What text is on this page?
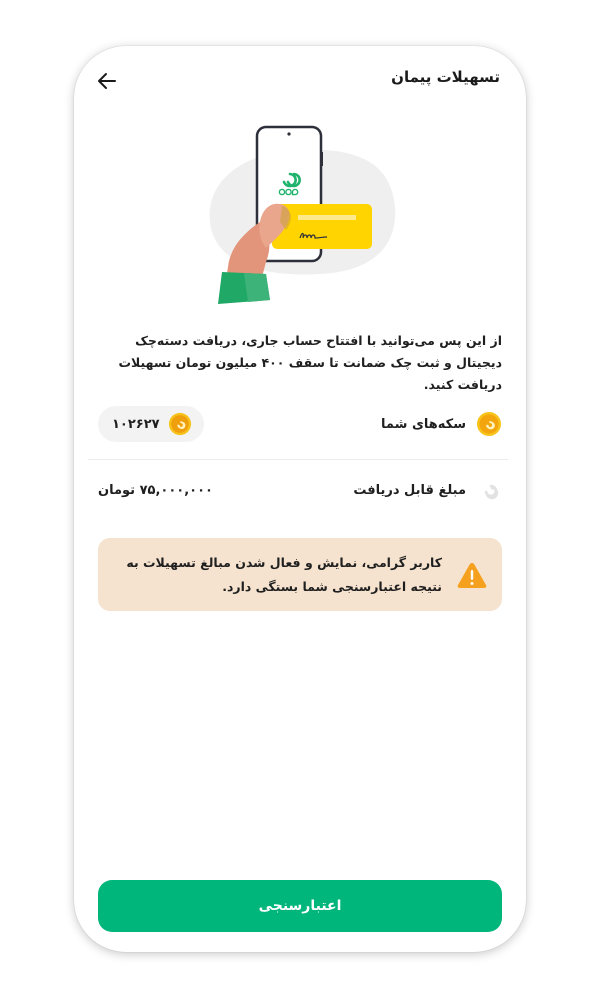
تسهیلات پیمان
از این پس می‌توانید با افتتاح حساب جاری، دریافت دسته‌چک دیجیتال و ثبت چک ضمانت تا سقف ۴۰۰ میلیون تومان تسهیلات دریافت کنید.
سکه‌های شما
۱۰۲۶۲۷
مبلغ قابل دریافت
۷۵,۰۰۰,۰۰۰ تومان
کاربر گرامی، نمایش و فعال شدن مبالغ تسهیلات به نتیجه اعتبارسنجی شما بستگی دارد.
اعتبارسنجی
